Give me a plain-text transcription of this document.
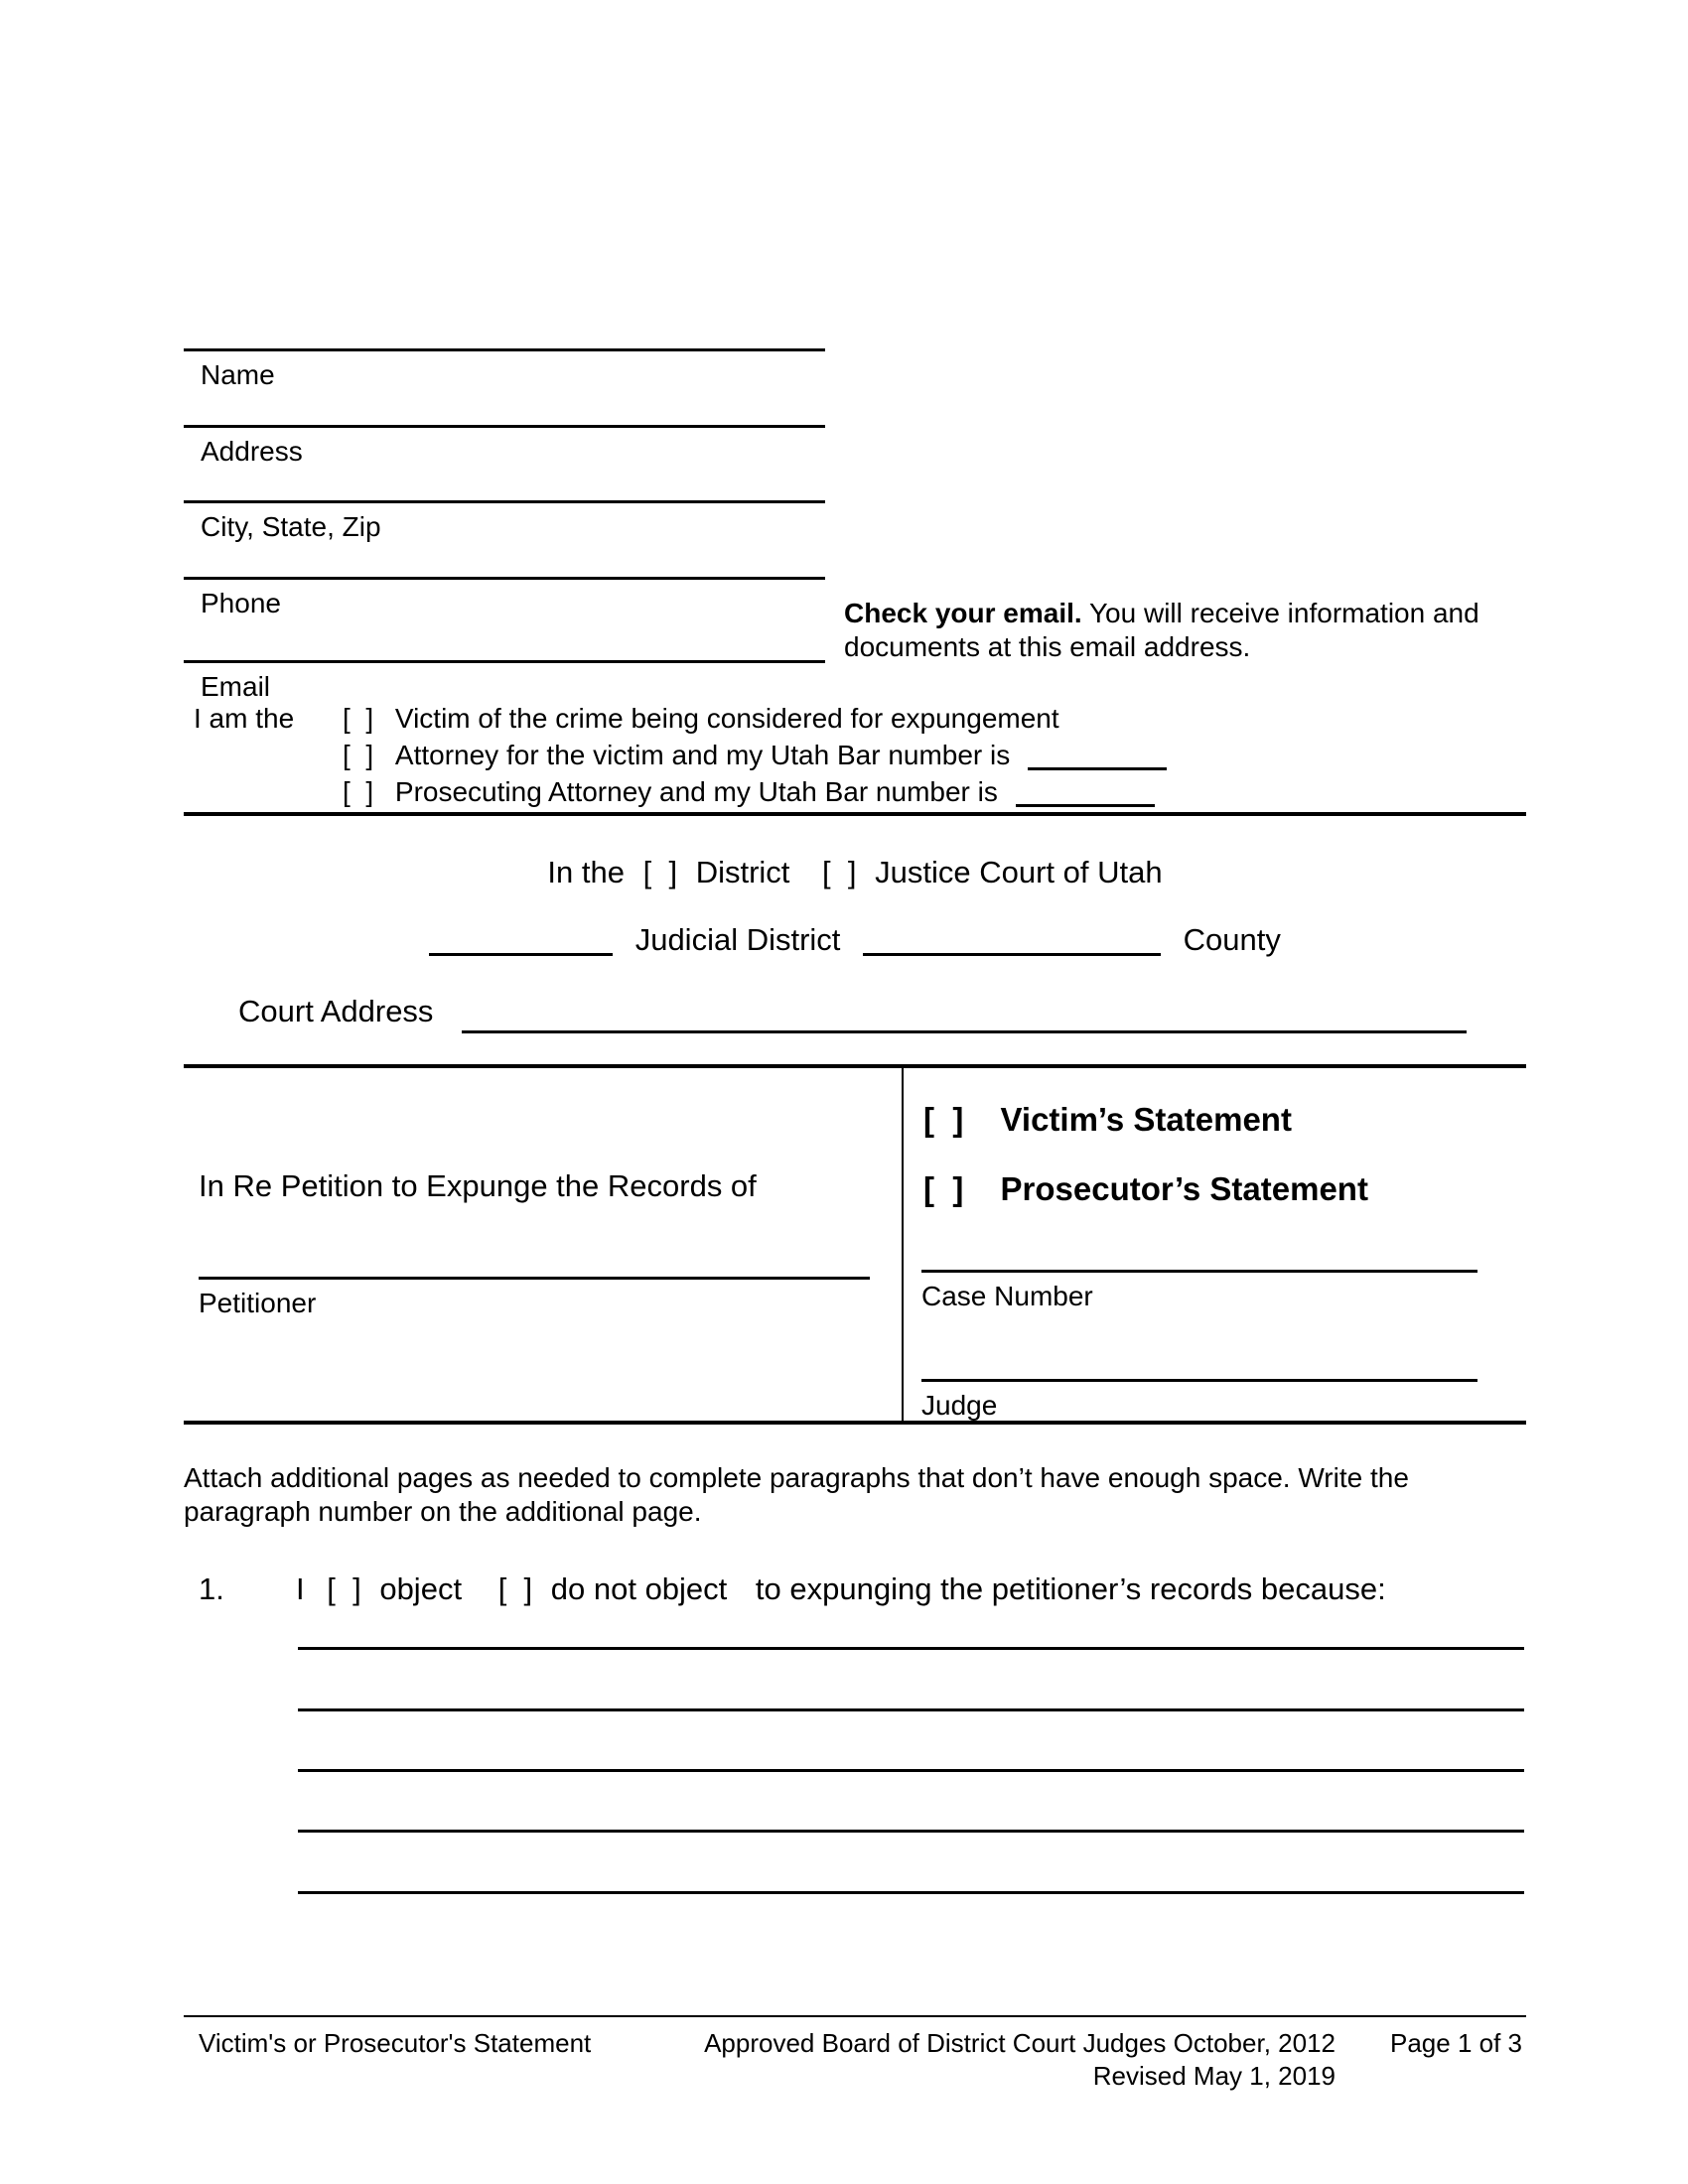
Name
Address
City, State, Zip
Phone
Email
Check your email. You will receive information and
documents at this email address.
I am the [  ] Victim of the crime being considered for expungement
[  ] Attorney for the victim and my Utah Bar number is
[  ] Prosecuting Attorney and my Utah Bar number is
In the [  ] District [  ] Justice Court of Utah
Judicial District	County
Court Address
In Re Petition to Expunge the Records of
Petitioner
[  ] Victim’s Statement
[  ] Prosecutor’s Statement
Case Number
Judge
Attach additional pages as needed to complete paragraphs that don’t have enough space. Write the paragraph number on the additional page.
1. I [  ] object [  ] do not object to expunging the petitioner’s records because:
Victim's or Prosecutor's Statement	Approved Board of District Court Judges October, 2012
Revised May 1, 2019
Page 1 of 3
